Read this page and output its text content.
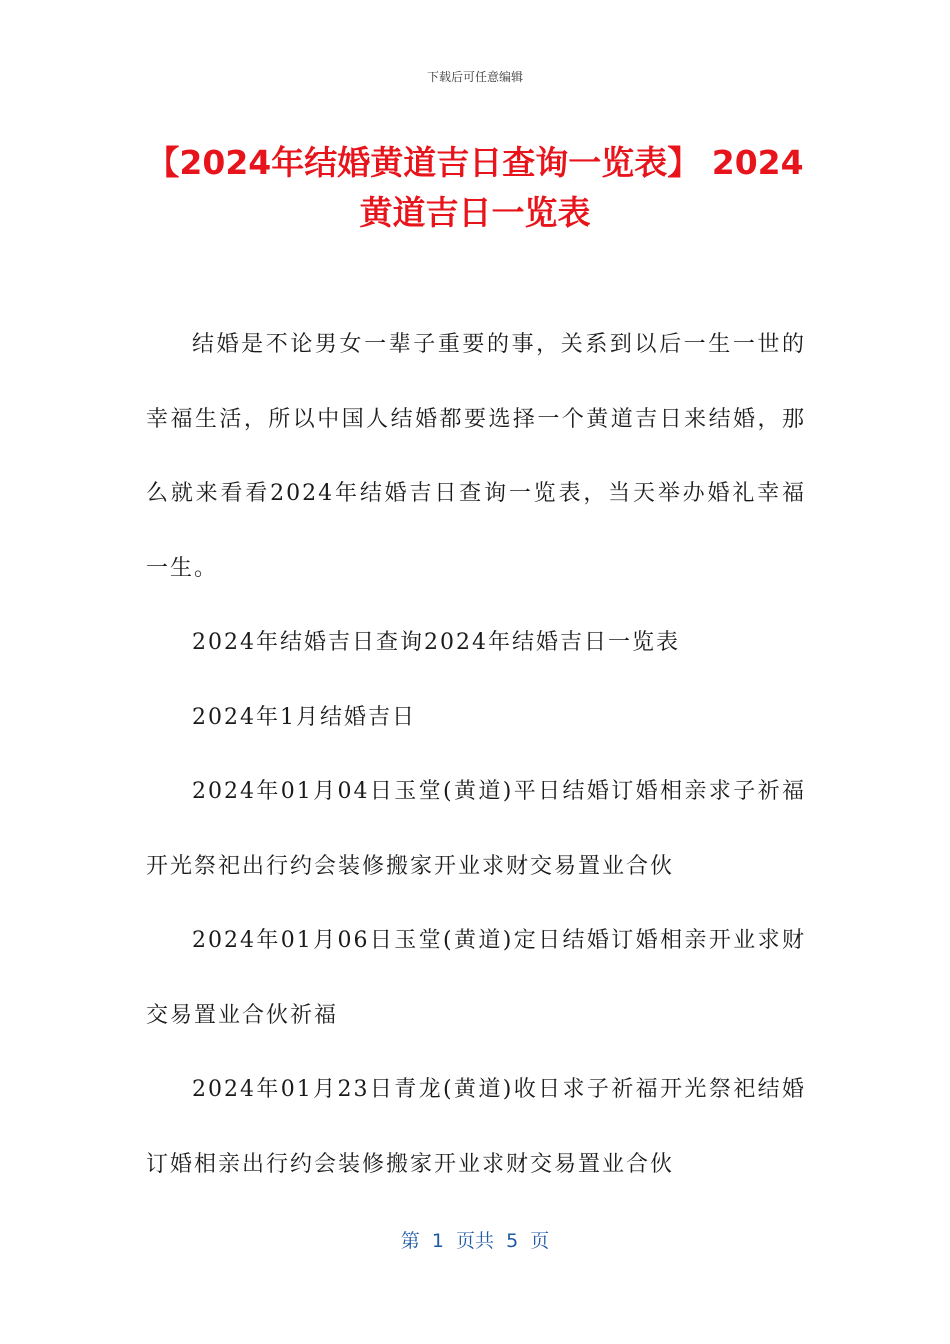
下载后可任意编辑
【2024年结婚黄道吉日查询一览表】 2024黄道吉日一览表

结婚是不论男女一辈子重要的事，关系到以后一生一世的幸福生活，所以中国人结婚都要选择一个黄道吉日来结婚，那么就来看看2024年结婚吉日查询一览表，当天举办婚礼幸福一生。

2024年结婚吉日查询2024年结婚吉日一览表

2024年1月结婚吉日

2024年01月04日玉堂(黄道)平日结婚订婚相亲求子祈福开光祭祀出行约会装修搬家开业求财交易置业合伙

2024年01月06日玉堂(黄道)定日结婚订婚相亲开业求财交易置业合伙祈福

2024年01月23日青龙(黄道)收日求子祈福开光祭祀结婚订婚相亲出行约会装修搬家开业求财交易置业合伙

第  1  页共  5  页
